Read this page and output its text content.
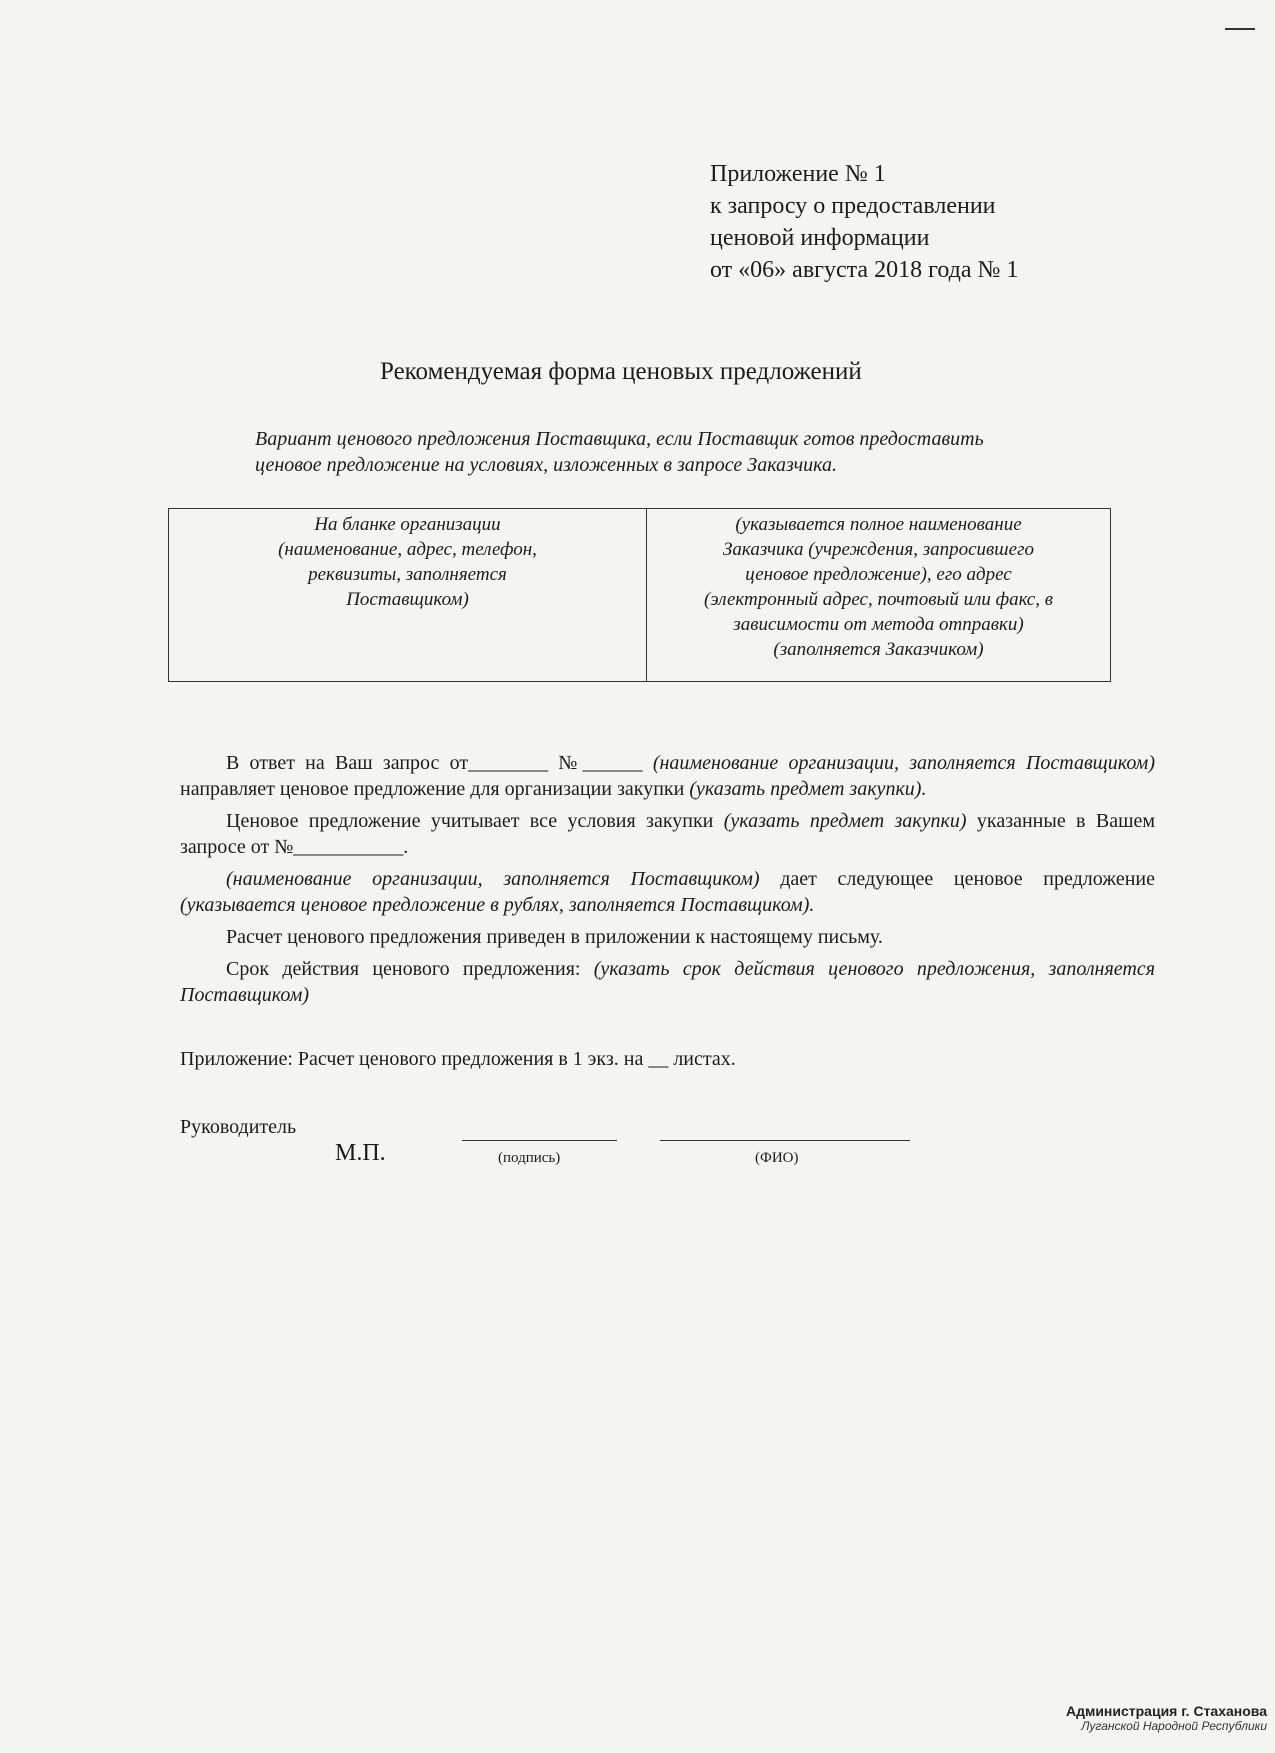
Приложение № 1
к запросу о предоставлении
ценовой информации
от «06» августа 2018 года № 1
Рекомендуемая форма ценовых предложений
Вариант ценового предложения Поставщика, если Поставщик готов предоставить
ценовое предложение на условиях, изложенных в запросе Заказчика.
На бланке организации
(наименование, адрес, телефон,
реквизиты, заполняется
Поставщиком)

(указывается полное наименование
Заказчика (учреждения, запросившего
ценовое предложение), его адрес
(электронный адрес, почтовый или факс, в
зависимости от метода отправки)
(заполняется Заказчиком)

В ответ на Ваш запрос от________ №______ (наименование организации, заполняется Поставщиком) направляет ценовое предложение для организации закупки (указать предмет закупки).

Ценовое предложение учитывает все условия закупки (указать предмет закупки) указанные в Вашем запросе от №___________.

(наименование организации, заполняется Поставщиком) дает следующее ценовое предложение (указывается ценовое предложение в рублях, заполняется Поставщиком).

Расчет ценового предложения приведен в приложении к настоящему письму.

Срок действия ценового предложения: (указать срок действия ценового предложения, заполняется Поставщиком)

Приложение: Расчет ценового предложения в 1 экз. на __ листах.
Руководитель
М.П.	(подпись)	(ФИО)
Администрация г. Стаханова
Луганской Народной Республики
